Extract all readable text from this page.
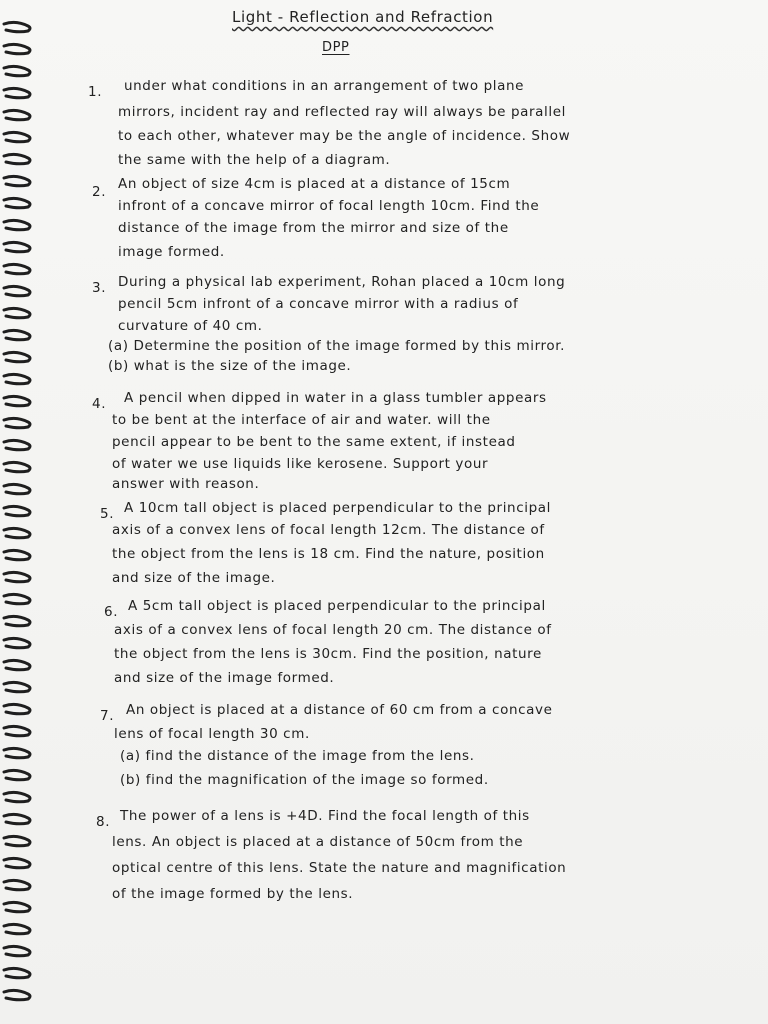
Light - Reflection and Refraction
DPP
1. under what conditions in an arrangement of two plane
mirrors, incident ray and reflected ray will always be parallel
to each other, whatever may be the angle of incidence. Show
the same with the help of a diagram.
2. An object of size 4cm is placed at a distance of 15cm
infront of a concave mirror of focal length 10cm. Find the
distance of the image from the mirror and size of the
image formed.
3. During a physical lab experiment, Rohan placed a 10cm long
pencil 5cm infront of a concave mirror with a radius of
curvature of 40 cm.
(a) Determine the position of the image formed by this mirror.
(b) what is the size of the image.
4. A pencil when dipped in water in a glass tumbler appears
to be bent at the interface of air and water. will the
pencil appear to be bent to the same extent, if instead
of water we use liquids like kerosene. Support your
answer with reason.
5. A 10cm tall object is placed perpendicular to the principal
axis of a convex lens of focal length 12cm. The distance of
the object from the lens is 18 cm. Find the nature, position
and size of the image.
6. A 5cm tall object is placed perpendicular to the principal
axis of a convex lens of focal length 20 cm. The distance of
the object from the lens is 30cm. Find the position, nature
and size of the image formed.
7. An object is placed at a distance of 60 cm from a concave
lens of focal length 30 cm.
(a) find the distance of the image from the lens.
(b) find the magnification of the image so formed.
8. The power of a lens is +4D. Find the focal length of this
lens. An object is placed at a distance of 50cm from the
optical centre of this lens. State the nature and magnification
of the image formed by the lens.
